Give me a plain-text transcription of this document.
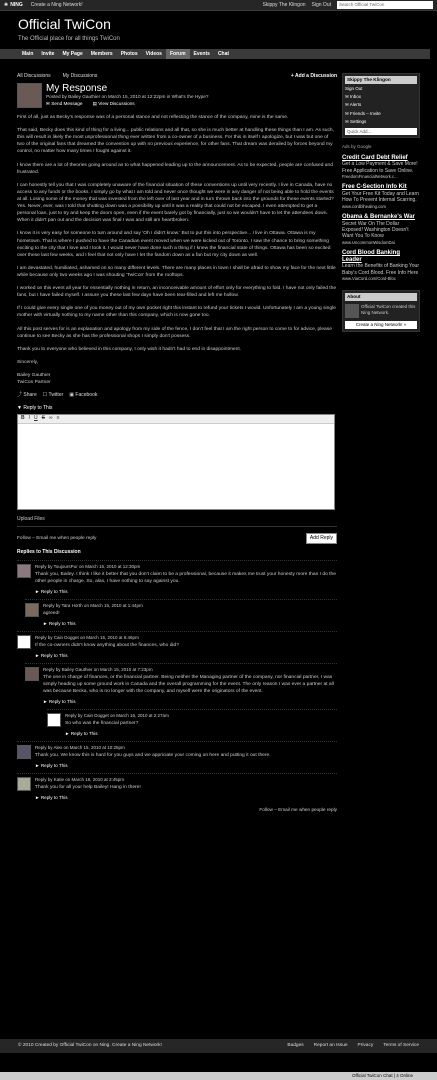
❀ NING Create a Ning Network!	Skippy The Klingon Sign Out	Search Official TwiCon
Official TwiCon
The Official place for all things TwiCon
Main	Invite	My Page	Members	Photos	Videos	Forum	Events	Chat
All Discussions My Discussions	+ Add a Discussion
My Response
Posted by Bailey Gauthier on March 15, 2010 at 12:22pm in What's the Hype?
✉ Send Message ▤ View Discussions

First of all, just as Becky's response was of a personal stance and not reflecting the stance of the company, mine is the same.

That said, Becky does this kind of thing for a living... public relations and all that, so she is much better at handling these things than I am. As such, this will result in likely the most unprofessional thing ever written from a co-owner of a business. For this in itself I apologize, but I was but one of two of the original fans that dreamed the convention up with no previous experience, for other fans. That dream was derailed by forces beyond my control, no matter how many times I fought against it.

I know there are a lot of theories going around as to what happened leading up to the announcement. As to be expected, people are confused and frustrated.

I can honestly tell you that I was completely unaware of the financial situation of these conventions up until very recently. I live in Canada, have no access to any funds or the books. I simply go by what I am told and never once thought we were in any danger of not being able to hold the events at all. Losing some of the money that was invested from the left over of last year and in turn thrown back into the grounds for these events started? Yes. Never, ever, was I told that shutting down was a possibility up until it was a reality that could not be escaped. I even attempted to get a personal loan, just to try and keep the doors open, even if the event barely got by financially, just so we wouldn't have to let the attendees down. When it didn't pan out and the decision was final I was and still am heartbroken.

I know it is very easy for someone to turn around and say 'Oh I didn't know.' But to put this into perspective... I live in Ottawa. Ottawa is my hometown. That is where I pushed to have the Canadian event moved when we were kicked out of Toronto. I saw the chance to bring something exciting to the city that I love and I took it. I would never have done such a thing if I knew the financial state of things. Ottawa has been so excited over these last few weeks, and I feel that not only have I let the fandom down as a fan but my city down as well.

I am devastated, humiliated, ashamed on so many different levels. There are many places in town I shall be afraid to show my face for the next little while because only two weeks ago I was shouting 'TwiCon' from the rooftops.

I worked on this event all year for essentially nothing in return, an inconceivable amount of effort only for everything to fold. I have not only failed the fans, but I have failed myself. I assure you these last few days have been tear-filled and left me hollow.

If I could give every single one of you money out of my own pocket right this instant to refund your tickets I would. Unfortunately I am a young single mother with virtually nothing to my name other than this company, which is now gone too.

All this post serves for is an explanation and apology from my side of the fence, I don't feel that I am the right person to come to for advice, please continue to see Becky as she has the professional shops I simply don't possess.

Thank you to everyone who believed in this company, I only wish it hadn't had to end in disappointment.

Sincerely,

Bailey Gauthier
TwiCon Partner

⤴ Share ☐ Twitter ▣ Facebook
▼ Reply to This
B I U S ∞ ≡
Upload Files
Follow – Email me when people reply	Add Reply
Replies to This Discussion
Reply by ToujoursPur on March 15, 2010 at 12:30pm
Thank you, Bailey. I think I like it better that you don't claim to be a professional, because it makes me trust your honesty more than I do the other people in charge. So, alas, I have nothing to say against you.
► Reply to This
Reply by Tara Horth on March 15, 2010 at 1:44pm
agreed!
► Reply to This
Reply by Cain Dogget on March 15, 2010 at 6:46pm
If the co-owners didn't know anything about the finances, who did?
► Reply to This
Reply by Bailey Gauthier on March 15, 2010 at 7:23pm
The one in charge of finances, or the financial partner. Being neither the Managing partner of the company, nor financial partner, I was simply heading up some ground work in Canada and the overall programming for the event. The only reason I was ever a partner at all was because Becka, who is no longer with the company, and myself were the originators of the event.
► Reply to This
Reply by Cain Dogget on March 16, 2010 at 2:27am
So who was the financial partner?
► Reply to This
Reply by Alex on March 15, 2010 at 10:25pm
Thank you. We know this is hard for you guys and we appriciate your coming on here and putting it out there.
► Reply to This
Reply by Katie on March 16, 2010 at 3:45pm
Thank you for all your help Bailey! Hang in there!
► Reply to This
Follow – Email me when people reply
Skippy The Klingon
Sign Out
✉ Inbox
✉ Alerts
✉ Friends – Invite
✉ Settings
Quick Add...
Ads by Google
Credit Card Debt Relief
Get a Low Payment & Save More! Free Application to Save Online.
FreedomFinancialNetwork.c...
Free C-Section Info Kit
Get Your Free Kit Today and Learn How To Prevent Internal Scarring.
www.cordblhealing.com
Obama & Bernanke's War
Secret War On The Dollar Exposed! Washington Doesn't Want You To Know
www.UncommonWisdomDai
Cord Blood Banking Leader
Learn the Benefits of Banking Your Baby's Cord Blood. Free Info Here
www.ViaCord.com/Cord-Bloc
About
Official TwiCon created this Ning Network.
Create a Ning Network! »
© 2010 Created by Official TwiCon on Ning. Create a Ning Network!	Badges Report an Issue Privacy Terms of Service
Official TwiCon Chat | 4 Online
